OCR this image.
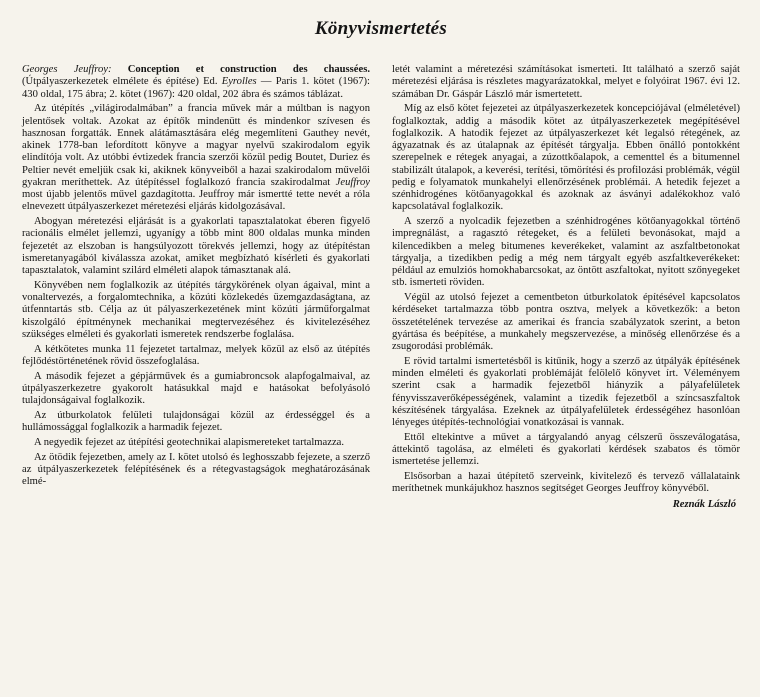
Könyvismertetés

Georges Jeuffroy: Conception et construction des chaussées. (Útpályaszerkezetek elmélete és építése) Ed. Eyrolles — Paris 1. kötet (1967): 430 oldal, 175 ábra; 2. kötet (1967): 420 oldal, 202 ábra és számos táblázat.

Az útépítés „világirodalmában” a francia művek már a múltban is nagyon jelentősek voltak. Azokat az építők mindenütt és mindenkor szívesen és hasznosan forgatták. Ennek alátámasztására elég megemlíteni Gauthey nevét, akinek 1778-ban lefordított könyve a magyar nyelvű szakirodalom egyik elindítója volt. Az utóbbi évtizedek francia szerzői közül pedig Boutet, Duriez és Peltier nevét emeljük csak ki, akiknek könyveiből a hazai szakirodalom művelői gyakran meríthettek. Az útépítéssel foglalkozó francia szakirodalmat Jeuffroy most újabb jelentős művel gazdagította. Jeuffroy már ismertté tette nevét a róla elnevezett útpályaszerkezet méretezési eljárás kidolgozásával.

Abogyan méretezési eljárását is a gyakorlati tapasztalatokat éberen figyelő racionális elmélet jellemzi, ugyanígy a több mint 800 oldalas munka minden fejezetét az elszoban is hangsúlyozott törekvés jellemzi, hogy az útépítéstan ismeretanyagából kiválassza azokat, amiket megbízható kísérleti és gyakorlati tapasztalatok, valamint szilárd elméleti alapok támasztanak alá.

Könyvében nem foglalkozik az útépítés tárgykörének olyan ágaival, mint a vonaltervezés, a forgalomtechnika, a közúti közlekedés üzemgazdaságtana, az útfenntartás stb. Célja az út pályaszerkezetének mint közúti járműforgalmat kiszolgáló építménynek mechanikai megtervezéséhez és kivitelezéséhez szükséges elméleti és gyakorlati ismeretek rendszerbe foglalása.

A kétkötetes munka 11 fejezetet tartalmaz, melyek közül az első az útépítés fejlődéstörténetének rövid összefoglalása.

A második fejezet a gépjárművek és a gumiabroncsok alapfogalmaival, az útpályaszerkezetre gyakorolt hatásukkal majd e hatásokat befolyásoló tulajdonságaival foglalkozik.

Az útburkolatok felületi tulajdonságai közül az érdességgel és a hullámossággal foglalkozik a harmadik fejezet.

A negyedik fejezet az útépítési geotechnikai alapismereteket tartalmazza.

Az ötödik fejezetben, amely az I. kötet utolsó és leghosszabb fejezete, a szerző az útpályaszerkezetek felépítésének és a rétegvastagságok meghatározásának elmé-

letét valamint a méretezési számításokat ismerteti. Itt található a szerző saját méretezési eljárása is részletes magyarázatokkal, melyet e folyóirat 1967. évi 12. számában Dr. Gáspár László már ismertetett.

Míg az első kötet fejezetei az útpályaszerkezetek koncepciójával (elméletével) foglalkoztak, addig a második kötet az útpályaszerkezetek megépítésével foglalkozik. A hatodik fejezet az útpályaszerkezet két legalsó rétegének, az ágyazatnak és az útalapnak az építését tárgyalja. Ebben önálló pontokként szerepelnek e rétegek anyagai, a zúzottkőalapok, a cementtel és a bitumennel stabilizált útalapok, a keverési, terítési, tömörítési és profilozási problémák, végül pedig e folyamatok munkahelyi ellenőrzésének problémái. A hetedik fejezet a szénhidrogénes kötőanyagokkal és azoknak az ásványi adalékokhoz való kapcsolatával foglalkozik.

A szerző a nyolcadik fejezetben a szénhidrogénes kötőanyagokkal történő impregnálást, a ragasztó rétegeket, és a felületi bevonásokat, majd a kilencedikben a meleg bitumenes keverékeket, valamint az aszfaltbetonokat tárgyalja, a tizedikben pedig a még nem tárgyalt egyéb aszfaltkeverékeket: például az emulziós homokhabarcsokat, az öntött aszfaltokat, nyitott szőnyegeket stb. ismerteti röviden.

Végül az utolsó fejezet a cementbeton útburkolatok építésével kapcsolatos kérdéseket tartalmazza több pontra osztva, melyek a következők: a beton összetételének tervezése az amerikai és francia szabályzatok szerint, a beton gyártása és beépítése, a munkahely megszervezése, a minőség ellenőrzése és a zsugorodási problémák.

E rövid tartalmi ismertetésből is kitűnik, hogy a szerző az útpályák építésének minden elméleti és gyakorlati problémáját felölelő könyvet írt. Véleményem szerint csak a harmadik fejezetből hiányzik a pályafelületek fényvisszaverőképességének, valamint a tizedik fejezetből a színcsaszfaltok készítésének tárgyalása. Ezeknek az útpályafelületek érdességéhez hasonlóan lényeges útépítés-technológiai vonatkozásai is vannak.

Ettől eltekintve a művet a tárgyalandó anyag célszerű összeválogatása, áttekintő tagolása, az elméleti és gyakorlati kérdések szabatos és tömör ismertetése jellemzi.

Elsősorban a hazai útépítető szerveink, kivitelező és tervező vállalataink meríthetnek munkájukhoz hasznos segítséget Georges Jeuffroy könyvéből.

Reznák László
